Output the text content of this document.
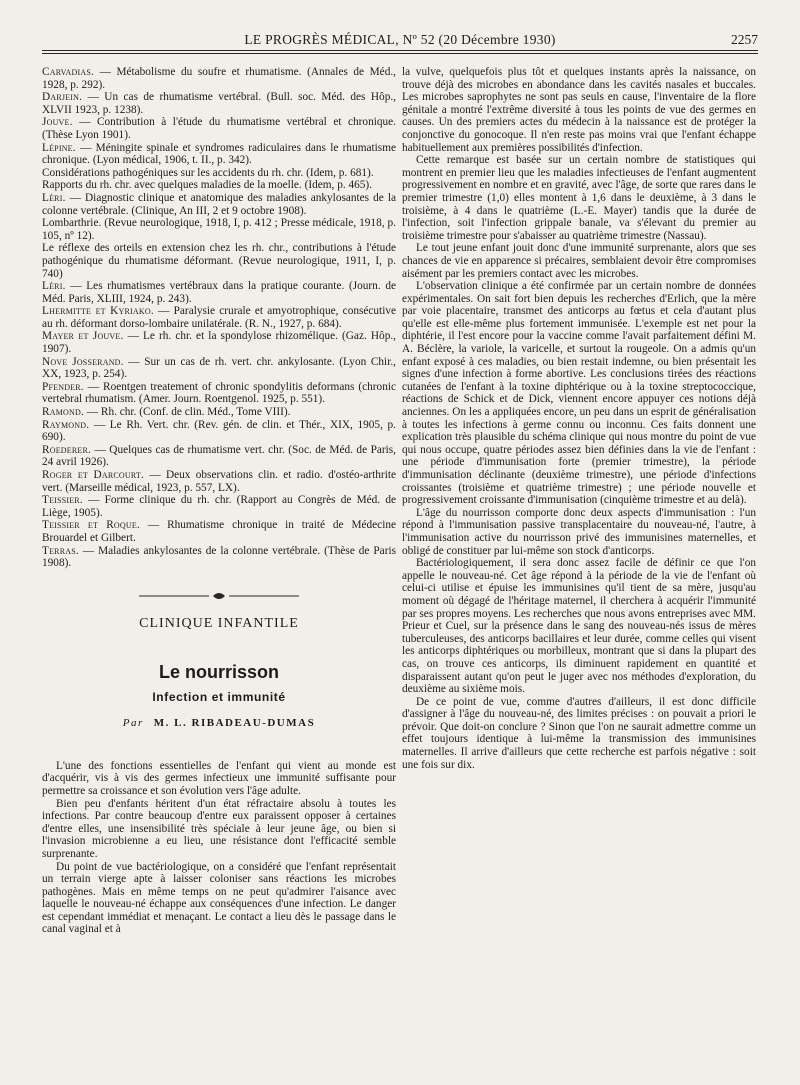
LE PROGRÈS MÉDICAL, Nº 52 (20 Décembre 1930)	2257

Carvadias. — Métabolisme du soufre et rhumatisme. (Annales de Méd., 1928, p. 292).

Darjein. — Un cas de rhumatisme vertébral. (Bull. soc. Méd. des Hôp., XLVII 1923, p. 1238).

Jouve. — Contribution à l'étude du rhumatisme vertébral et chronique. (Thèse Lyon 1901).

Lépine. — Méningite spinale et syndromes radiculaires dans le rhumatisme chronique. (Lyon médical, 1906, t. II., p. 342).

Considérations pathogéniques sur les accidents du rh. chr. (Idem, p. 681).

Rapports du rh. chr. avec quelques maladies de la moelle. (Idem, p. 465).

Léri. — Diagnostic clinique et anatomique des maladies ankylosantes de la colonne vertébrale. (Clinique, An III, 2 et 9 octobre 1908).

Lombarthrie. (Revue neurologique, 1918, I, p. 412 ; Presse médicale, 1918, p. 105, nº 12).

Le réflexe des orteils en extension chez les rh. chr., contributions à l'étude pathogénique du rhumatisme déformant. (Revue neurologique, 1911, I, p. 740)

Léri. — Les rhumatismes vertébraux dans la pratique courante. (Journ. de Méd. Paris, XLIII, 1924, p. 243).

Lhermitte et Kyriako. — Paralysie crurale et amyotrophique, consécutive au rh. déformant dorso-lombaire unilatérale. (R. N., 1927, p. 684).

Mayer et Jouve. — Le rh. chr. et la spondylose rhizomélique. (Gaz. Hôp., 1907).

Nove Josserand. — Sur un cas de rh. vert. chr. ankylosante. (Lyon Chir., XX, 1923, p. 254).

Pfender. — Roentgen treatement of chronic spondylitis deformans (chronic vertebral rhumatism. (Amer. Journ. Roentgenol. 1925, p. 551).

Ramond. — Rh. chr. (Conf. de clin. Méd., Tome VIII).

Raymond. — Le Rh. Vert. chr. (Rev. gén. de clin. et Thér., XIX, 1905, p. 690).

Roederer. — Quelques cas de rhumatisme vert. chr. (Soc. de Méd. de Paris, 24 avril 1926).

Roger et Darcourt. — Deux observations clin. et radio. d'ostéo-arthrite vert. (Marseille médical, 1923, p. 557, LX).

Teissier. — Forme clinique du rh. chr. (Rapport au Congrès de Méd. de Liège, 1905).

Teissier et Roque. — Rhumatisme chronique in traité de Médecine Brouardel et Gilbert.

Terras. — Maladies ankylosantes de la colonne vertébrale. (Thèse de Paris 1908).

CLINIQUE INFANTILE
Le nourrisson
Infection et immunité
Par M. L. RIBADEAU-DUMAS

L'une des fonctions essentielles de l'enfant qui vient au monde est d'acquérir, vis à vis des germes infectieux une immunité suffisante pour permettre sa croissance et son évolution vers l'âge adulte.

Bien peu d'enfants héritent d'un état réfractaire absolu à toutes les infections. Par contre beaucoup d'entre eux paraissent opposer à certaines d'entre elles, une insensibilité très spéciale à leur jeune âge, ou bien si l'invasion microbienne a eu lieu, une résistance dont l'efficacité semble surprenante.

Du point de vue bactériologique, on a considéré que l'enfant représentait un terrain vierge apte à laisser coloniser sans réactions les microbes pathogènes. Mais en même temps on ne peut qu'admirer l'aisance avec laquelle le nouveau-né échappe aux conséquences d'une infection. Le danger est cependant immédiat et menaçant. Le contact a lieu dès le passage dans le canal vaginal et à

la vulve, quelquefois plus tôt et quelques instants après la naissance, on trouve déjà des microbes en abondance dans les cavités nasales et buccales. Les microbes saprophytes ne sont pas seuls en cause, l'inventaire de la flore génitale a montré l'extrême diversité à tous les points de vue des germes en causes. Un des premiers actes du médecin à la naissance est de protéger la conjonctive du gonocoque. Il n'en reste pas moins vrai que l'enfant échappe habituellement aux premières possibilités d'infection.

Cette remarque est basée sur un certain nombre de statistiques qui montrent en premier lieu que les maladies infectieuses de l'enfant augmentent progressivement en nombre et en gravité, avec l'âge, de sorte que rares dans le premier trimestre (1,0) elles montent à 1,6 dans le deuxième, à 3 dans le troisième, à 4 dans le quatrième (L.-E. Mayer) tandis que la durée de l'infection, soit l'infection grippale banale, va s'élevant du premier au troisième trimestre pour s'abaisser au quatrième trimestre (Nassau).

Le tout jeune enfant jouit donc d'une immunité surprenante, alors que ses chances de vie en apparence si précaires, semblaient devoir être compromises aisément par les premiers contact avec les microbes.

L'observation clinique a été confirmée par un certain nombre de données expérimentales. On sait fort bien depuis les recherches d'Erlich, que la mère par voie placentaire, transmet des anticorps au fœtus et cela d'autant plus qu'elle est elle-même plus fortement immunisée. L'exemple est net pour la diphtérie, il l'est encore pour la vaccine comme l'avait parfaitement défini M. A. Béclère, la variole, la varicelle, et surtout la rougeole. On a admis qu'un enfant exposé à ces maladies, ou bien restait indemne, ou bien présentait les signes d'une infection à forme abortive. Les conclusions tirées des réactions cutanées de l'enfant à la toxine diphtérique ou à la toxine streptococcique, réactions de Schick et de Dick, viennent encore appuyer ces notions déjà anciennes. On les a appliquées encore, un peu dans un esprit de généralisation à toutes les infections à germe connu ou inconnu. Ces faits donnent une explication très plausible du schéma clinique qui nous montre du point de vue qui nous occupe, quatre périodes assez bien définies dans la vie de l'enfant : une période d'immunisation forte (premier trimestre), la période d'immunisation déclinante (deuxième trimestre), une période d'infections croissantes (troisième et quatrième trimestre) ; une période nouvelle et progressivement croissante d'immunisation (cinquième trimestre et au delà).

L'âge du nourrisson comporte donc deux aspects d'immunisation : l'un répond à l'immunisation passive transplacentaire du nouveau-né, l'autre, à l'immunisation active du nourrisson privé des immunisines maternelles, et obligé de constituer par lui-même son stock d'anticorps.

Bactériologiquement, il sera donc assez facile de définir ce que l'on appelle le nouveau-né. Cet âge répond à la période de la vie de l'enfant où celui-ci utilise et épuise les immunisines qu'il tient de sa mère, jusqu'au moment où dégagé de l'héritage maternel, il cherchera à acquérir l'immunité par ses propres moyens. Les recherches que nous avons entreprises avec MM. Prieur et Cuel, sur la présence dans le sang des nouveau-nés issus de mères tuberculeuses, des anticorps bacillaires et leur durée, comme celles qui visent les anticorps diphtériques ou morbilleux, montrant que si dans la plupart des cas, on trouve ces anticorps, ils diminuent rapidement en quantité et disparaissent autant qu'on peut le juger avec nos méthodes d'exploration, du deuxième au sixième mois.

De ce point de vue, comme d'autres d'ailleurs, il est donc difficile d'assigner à l'âge du nouveau-né, des limites précises : on pouvait a priori le prévoir. Que doit-on conclure ? Sinon que l'on ne saurait admettre comme un effet toujours identique à lui-même la transmission des immunisines maternelles. Il arrive d'ailleurs que cette recherche est parfois négative : soit une fois sur dix.
